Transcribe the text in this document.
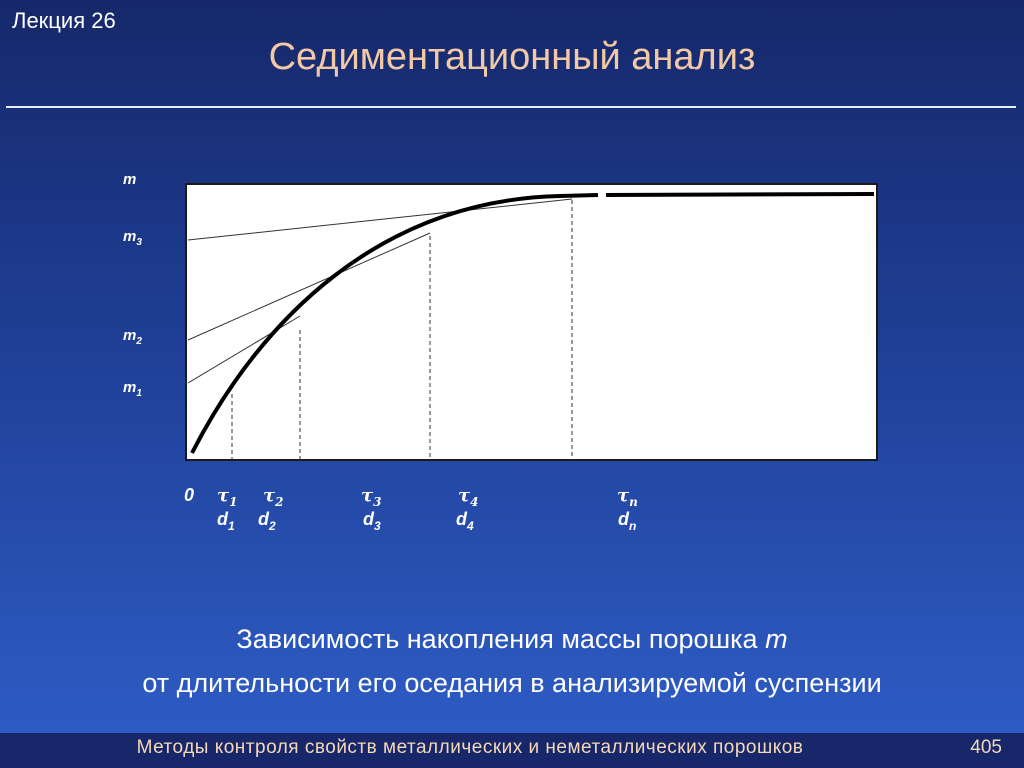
Лекция 26
Седиментационный анализ
m
$m_3$
$m_2$
$m_1$
0 $\tau_1$ $\tau_2$	$\tau_3$	$\tau_4$	$\tau_n$
$d_1$ $d_2$	$d_3$	$d_4$	$d_n$
Зависимость накопления массы порошка m
от длительности его оседания в анализируемой суспензии
Методы контроля свойств металлических и неметаллических порошков	405
